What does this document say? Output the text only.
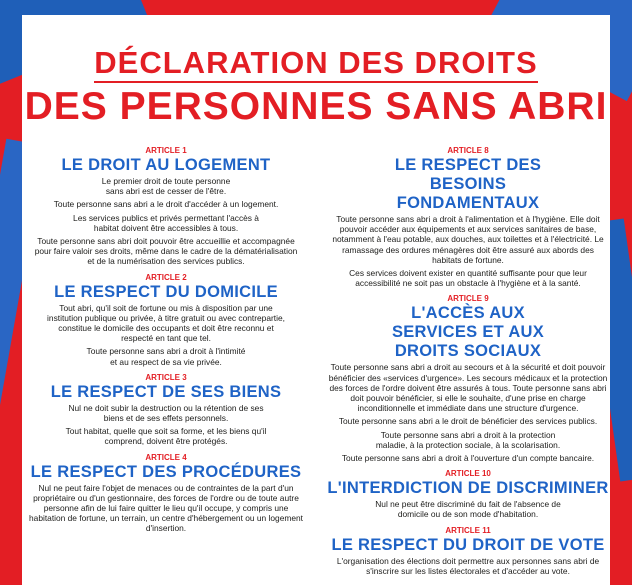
DÉCLARATION DES DROITS
DES PERSONNES SANS ABRI
ARTICLE 1
LE DROIT AU LOGEMENT

Le premier droit de toute personne sans abri est de cesser de l'être.

Toute personne sans abri a le droit d'accéder à un logement.

Les services publics et privés permettant l'accès à habitat doivent être accessibles à tous.

Toute personne sans abri doit pouvoir être accueillie et accompagnée pour faire valoir ses droits, même dans le cadre de la dématérialisation et de la numérisation des services publics.

ARTICLE 2
LE RESPECT DU DOMICILE

Tout abri, qu'il soit de fortune ou mis à disposition par une institution publique ou privée, à titre gratuit ou avec contrepartie, constitue le domicile des occupants et doit être reconnu et respecté en tant que tel.

Toute personne sans abri a droit à l'intimité et au respect de sa vie privée.

ARTICLE 3
LE RESPECT DE SES BIENS

Nul ne doit subir la destruction ou la rétention de ses biens et de ses effets personnels.

Tout habitat, quelle que soit sa forme, et les biens qu'il comprend, doivent être protégés.

ARTICLE 4
LE RESPECT DES PROCÉDURES

Nul ne peut faire l'objet de menaces ou de contraintes de la part d'un propriétaire ou d'un gestionnaire, des forces de l'ordre ou de toute autre personne afin de lui faire quitter le lieu qu'il occupe, y compris une habitation de fortune, un terrain, un centre d'hébergement ou un logement d'insertion.

ARTICLE 8
LE RESPECT DES BESOINS FONDAMENTAUX

Toute personne sans abri a droit à l'alimentation et à l'hygiène. Elle doit pouvoir accéder aux équipements et aux services sanitaires de base, notamment à l'eau potable, aux douches, aux toilettes et à l'électricité. Le ramassage des ordures ménagères doit être assuré aux abords des habitats de fortune.

Ces services doivent exister en quantité suffisante pour que leur accessibilité ne soit pas un obstacle à l'hygiène et à la santé.

ARTICLE 9
L'ACCÈS AUX SERVICES ET AUX DROITS SOCIAUX

Toute personne sans abri a droit au secours et à la sécurité et doit pouvoir bénéficier des «services d'urgence». Les secours médicaux et la protection des forces de l'ordre doivent être assurés à tous. Toute personne sans abri doit pouvoir bénéficier, si elle le souhaite, d'une prise en charge inconditionnelle et immédiate dans une structure d'urgence.

Toute personne sans abri a le droit de bénéficier des services publics.

Toute personne sans abri a droit à la protection maladie, à la protection sociale, à la scolarisation.

Toute personne sans abri a droit à l'ouverture d'un compte bancaire.

ARTICLE 10
L'INTERDICTION DE DISCRIMINER

Nul ne peut être discriminé du fait de l'absence de domicile ou de son mode d'habitation.

ARTICLE 11
LE RESPECT DU DROIT DE VOTE

L'organisation des élections doit permettre aux personnes sans abri de s'inscrire sur les listes électorales et d'accéder au vote.
